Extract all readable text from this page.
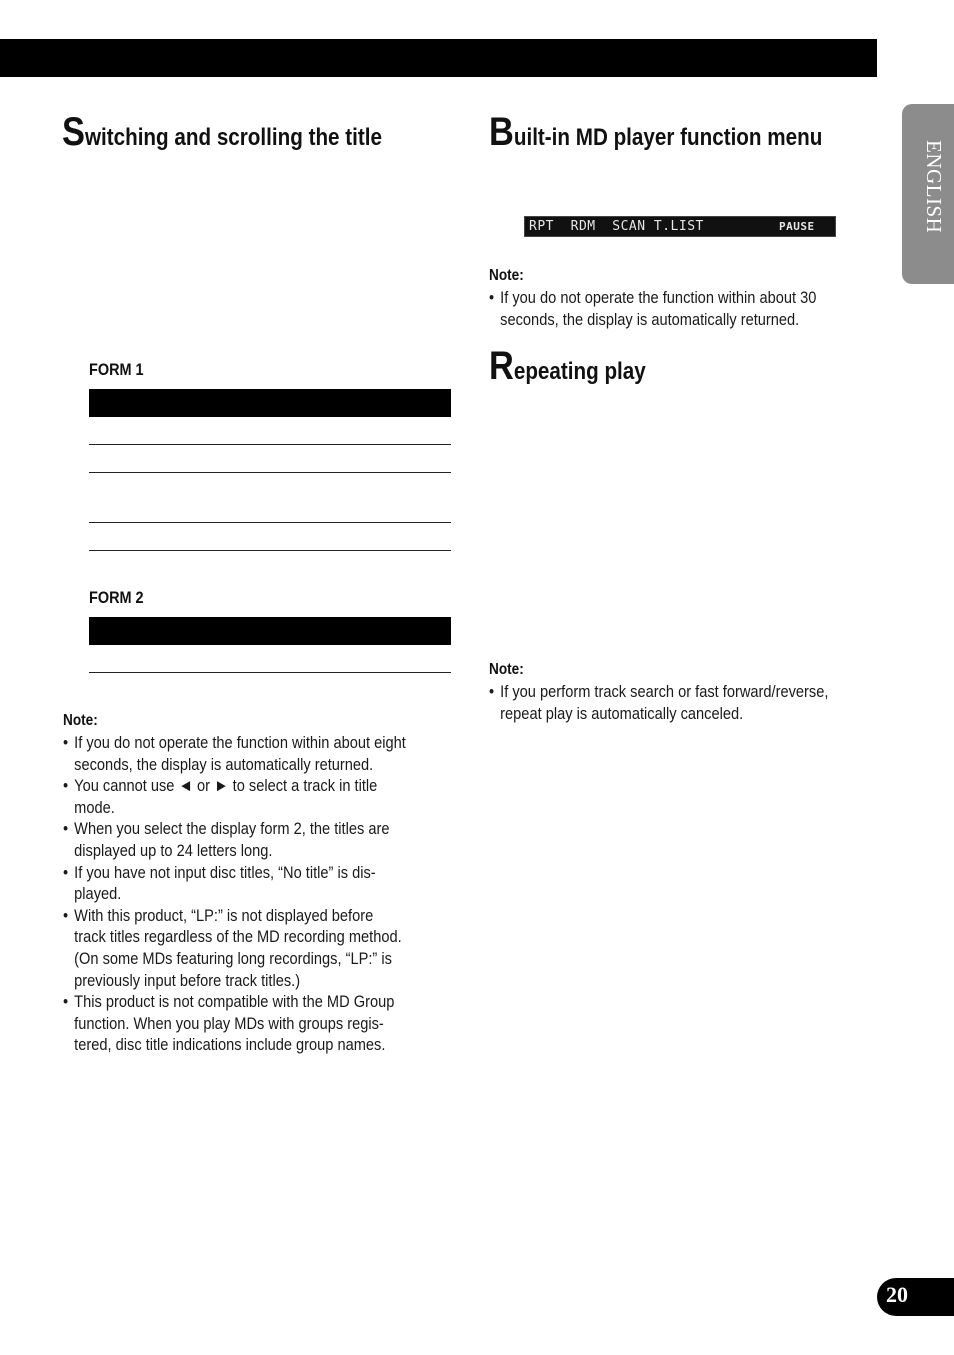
Switching and scrolling the title
FORM 1
FORM 2
Note:
• If you do not operate the function within about eight
seconds, the display is automatically returned.
• You cannot use ◄ or ► to select a track in title
mode.
• When you select the display form 2, the titles are
displayed up to 24 letters long.
• If you have not input disc titles, “No title” is dis-
played.
• With this product, “LP:” is not displayed before
track titles regardless of the MD recording method.
(On some MDs featuring long recordings, “LP:” is
previously input before track titles.)
• This product is not compatible with the MD Group
function. When you play MDs with groups regis-
tered, disc title indications include group names.
Built-in MD player function menu
RPT  RDM  SCAN T.LIST	PAUSE
Note:
• If you do not operate the function within about 30
seconds, the display is automatically returned.
Repeating play
Note:
• If you perform track search or fast forward/reverse,
repeat play is automatically canceled.
ENGLISH
20
